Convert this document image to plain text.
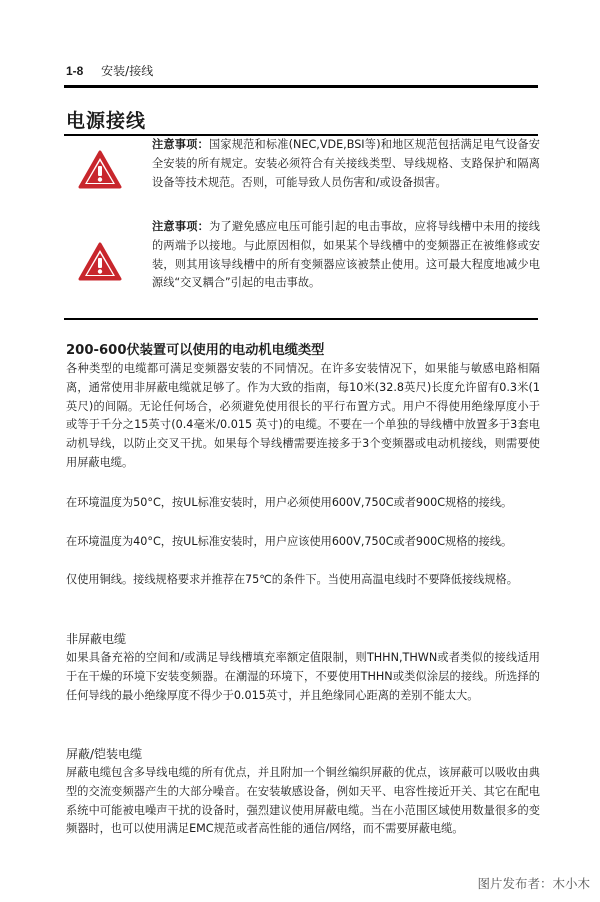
1-8 安装/接线
电源接线
注意事项：国家规范和标准(NEC,VDE,BSI等)和地区规范包括满足电气设备安全安装的所有规定。安装必须符合有关接线类型、导线规格、支路保护和隔离设备等技术规范。否则，可能导致人员伤害和/或设备损害。
注意事项：为了避免感应电压可能引起的电击事故，应将导线槽中未用的接线的两端予以接地。与此原因相似，如果某个导线槽中的变频器正在被维修或安装，则其用该导线槽中的所有变频器应该被禁止使用。这可最大程度地减少电源线“交叉耦合”引起的电击事故。
200-600伏装置可以使用的电动机电缆类型
各种类型的电缆都可满足变频器安装的不同情况。在许多安装情况下，如果能与敏感电路相隔离，通常使用非屏蔽电缆就足够了。作为大致的指南，每10米(32.8英尺)长度允许留有0.3米(1英尺)的间隔。无论任何场合，必须避免使用很长的平行布置方式。用户不得使用绝缘厚度小于或等于千分之15英寸(0.4毫米/0.015 英寸)的电缆。不要在一个单独的导线槽中放置多于3套电动机导线，以防止交叉干扰。如果每个导线槽需要连接多于3个变频器或电动机接线，则需要使用屏蔽电缆。
在环境温度为50°C，按UL标准安装时，用户必须使用600V,750C或者900C规格的接线。
在环境温度为40°C，按UL标准安装时，用户应该使用600V,750C或者900C规格的接线。
仅使用铜线。接线规格要求并推荐在75℃的条件下。当使用高温电线时不要降低接线规格。
非屏蔽电缆
如果具备充裕的空间和/或满足导线槽填充率额定值限制，则THHN,THWN或者类似的接线适用于在干燥的环境下安装变频器。在潮湿的环境下，不要使用THHN或类似涂层的接线。所选择的任何导线的最小绝缘厚度不得少于0.015英寸，并且绝缘同心距离的差别不能太大。
屏蔽/铠装电缆
屏蔽电缆包含多导线电缆的所有优点，并且附加一个铜丝编织屏蔽的优点，该屏蔽可以吸收由典型的交流变频器产生的大部分噪音。在安装敏感设备，例如天平、电容性接近开关、其它在配电系统中可能被电噪声干扰的设备时，强烈建议使用屏蔽电缆。当在小范围区域使用数量很多的变频器时，也可以使用满足EMC规范或者高性能的通信/网络，而不需要屏蔽电缆。
图片发布者：木小木
